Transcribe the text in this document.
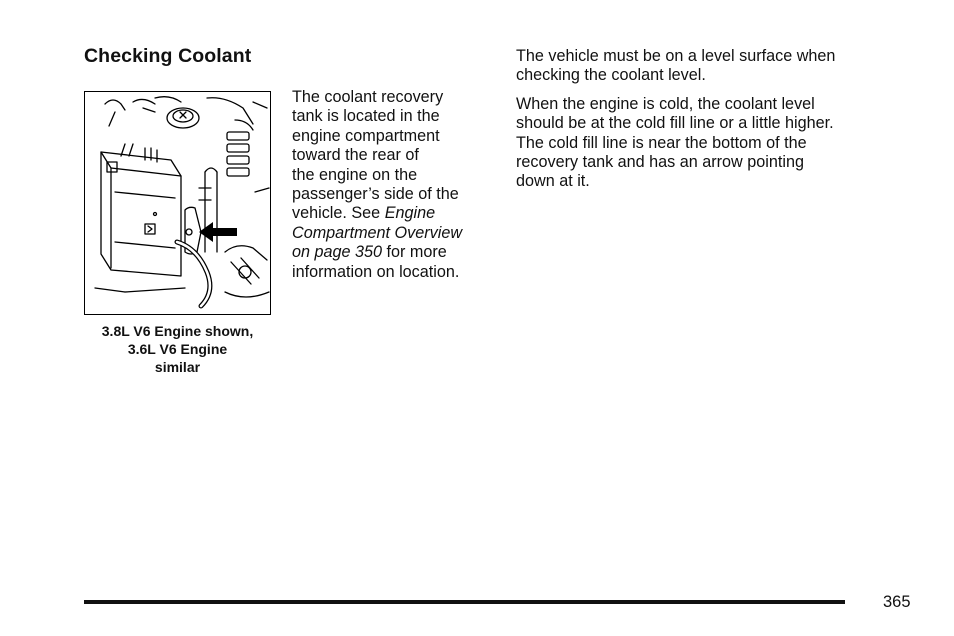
Checking Coolant
3.8L V6 Engine shown,
3.6L V6 Engine
similar
The coolant recovery
tank is located in the
engine compartment
toward the rear of
the engine on the
passenger’s side of the
vehicle. See Engine
Compartment Overview
on page 350 for more
information on location.

The vehicle must be on a level surface when
checking the coolant level.

When the engine is cold, the coolant level
should be at the cold fill line or a little higher.
The cold fill line is near the bottom of the
recovery tank and has an arrow pointing
down at it.

365
